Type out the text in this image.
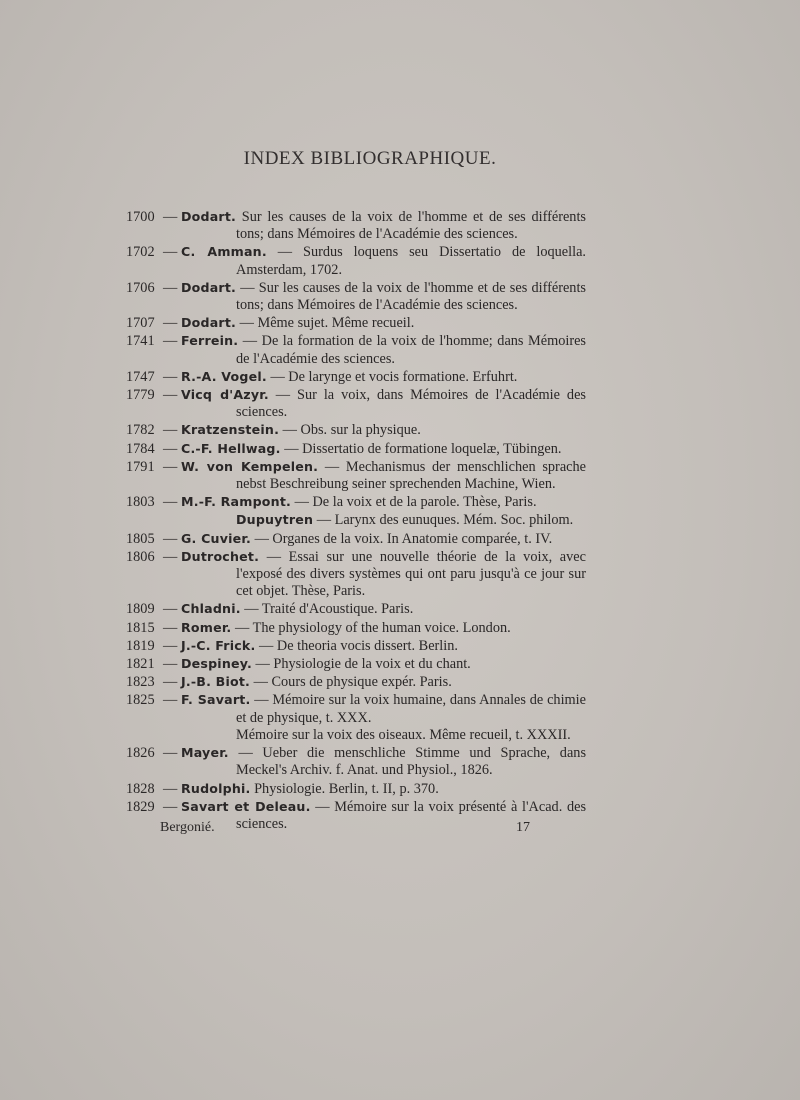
INDEX BIBLIOGRAPHIQUE.
1700 — Dodart. Sur les causes de la voix de l'homme et de ses différents tons; dans Mémoires de l'Académie des sciences.
1702 — C. Amman. — Surdus loquens seu Dissertatio de loquella. Amsterdam, 1702.
1706 — Dodart. — Sur les causes de la voix de l'homme et de ses différents tons; dans Mémoires de l'Académie des sciences.
1707 — Dodart. — Même sujet. Même recueil.
1741 — Ferrein. — De la formation de la voix de l'homme; dans Mémoires de l'Académie des sciences.
1747 — R.-A. Vogel. — De larynge et vocis formatione. Erfuhrt.
1779 — Vicq d'Azyr. — Sur la voix, dans Mémoires de l'Académie des sciences.
1782 — Kratzenstein. — Obs. sur la physique.
1784 — C.-F. Hellwag. — Dissertatio de formatione loquelæ, Tübingen.
1791 — W. von Kempelen. — Mechanismus der menschlichen sprache nebst Beschreibung seiner sprechenden Machine, Wien.
1803 — M.-F. Rampont. — De la voix et de la parole. Thèse, Paris.
Dupuytren — Larynx des eunuques. Mém. Soc. philom.
1805 — G. Cuvier. — Organes de la voix. In Anatomie comparée, t. IV.
1806 — Dutrochet. — Essai sur une nouvelle théorie de la voix, avec l'exposé des divers systèmes qui ont paru jusqu'à ce jour sur cet objet. Thèse, Paris.
1809 — Chladni. — Traité d'Acoustique. Paris.
1815 — Romer. — The physiology of the human voice. London.
1819 — J.-C. Frick. — De theoria vocis dissert. Berlin.
1821 — Despiney. — Physiologie de la voix et du chant.
1823 — J.-B. Biot. — Cours de physique expér. Paris.
1825 — F. Savart. — Mémoire sur la voix humaine, dans Annales de chimie et de physique, t. XXX.
Mémoire sur la voix des oiseaux. Même recueil, t. XXXII.
1826 — Mayer. — Ueber die menschliche Stimme und Sprache, dans Meckel's Archiv. f. Anat. und Physiol., 1826.
1828 — Rudolphi. Physiologie. Berlin, t. II, p. 370.
1829 — Savart et Deleau. — Mémoire sur la voix présenté à l'Acad. des sciences.
Bergonié.	17
